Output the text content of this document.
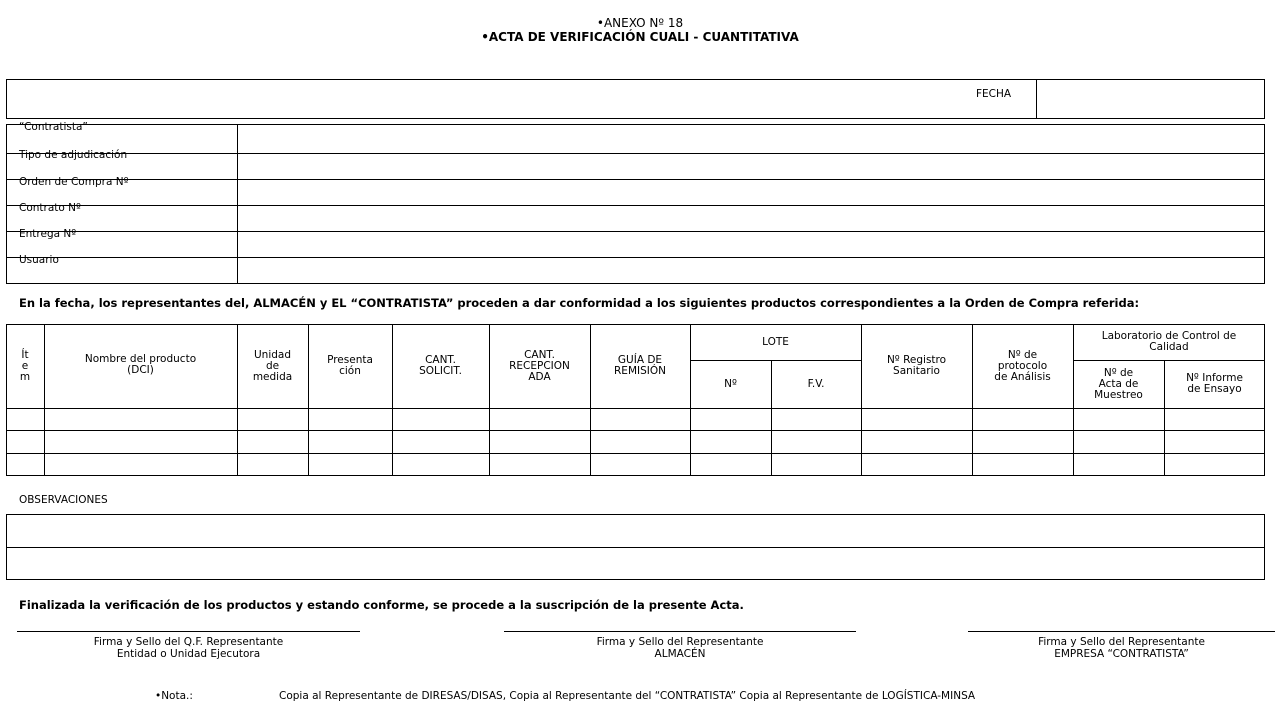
•ANEXO Nº 18
•ACTA DE VERIFICACIÓN CUALI - CUANTITATIVA
FECHA
“Contratista”
Tipo de adjudicación
Orden de Compra Nº
Contrato Nº
Entrega Nº
Usuario
En la fecha, los representantes del, ALMACÉN y EL “CONTRATISTA” proceden a dar conformidad a los siguientes productos correspondientes a la Orden de Compra referida:
Ít
e
m
Nombre del producto
(DCI)
Unidad
de
medida
Presenta
ción
CANT.
SOLICIT.
CANT.
RECEPCION
ADA
GUÍA DE
REMISIÓN
LOTE
Nº	F.V.
Nº Registro
Sanitario
Nº de
protocolo
de Análisis
Laboratorio de Control de
Calidad
Nº de
Acta de
Muestreo
Nº Informe
de Ensayo
OBSERVACIONES
Finalizada la verificación de los productos y estando conforme, se procede a la suscripción de la presente Acta.
Firma y Sello del Q.F. Representante
Entidad o Unidad Ejecutora
Firma y Sello del Representante
ALMACÉN
Firma y Sello del Representante
EMPRESA “CONTRATISTA”
•Nota.:	Copia al Representante de DIRESAS/DISAS, Copia al Representante del “CONTRATISTA” Copia al Representante de LOGÍSTICA-MINSA
